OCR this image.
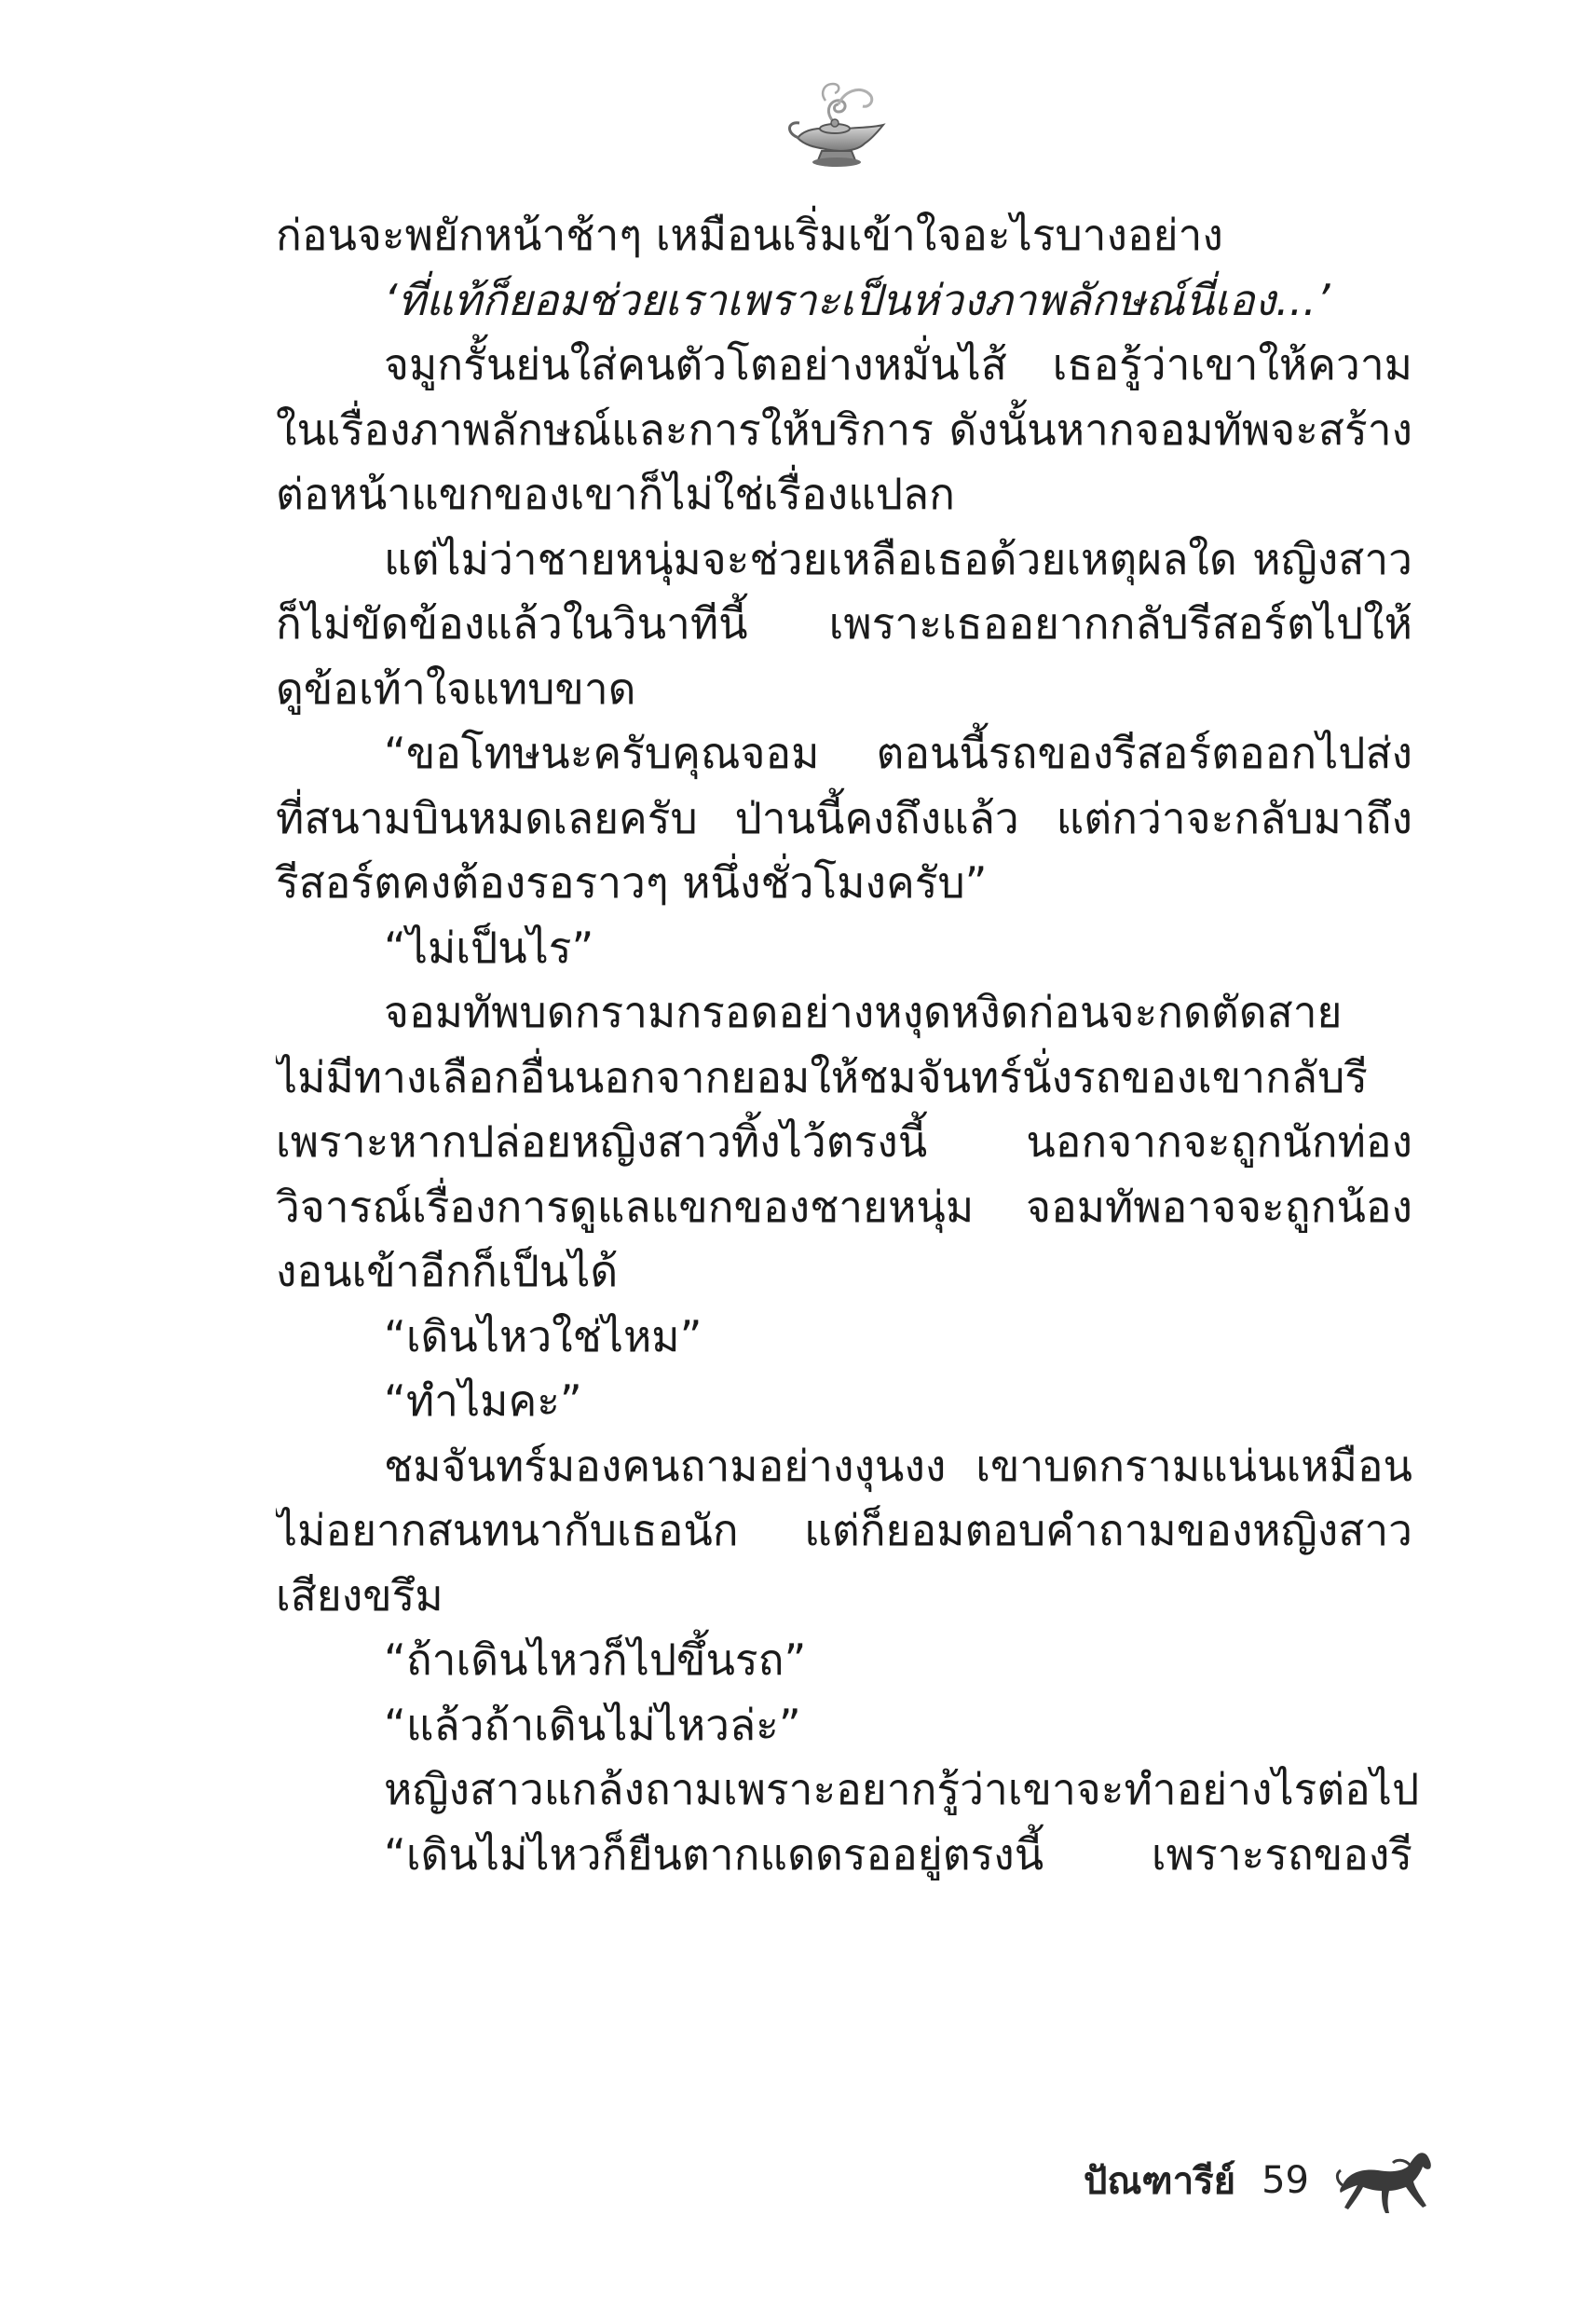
ก่อนจะพยักหน้าช้าๆ เหมือนเริ่มเข้าใจอะไรบางอย่าง
‘ที่แท้ก็ยอมช่วยเราเพราะเป็นห่วงภาพลักษณ์นี่เอง...’
จมูกรั้นย่นใส่คนตัวโตอย่างหมั่นไส้ เธอรู้ว่าเขาให้ความ
ในเรื่องภาพลักษณ์และการให้บริการ ดังนั้นหากจอมทัพจะสร้าง
ต่อหน้าแขกของเขาก็ไม่ใช่เรื่องแปลก
แต่ไม่ว่าชายหนุ่มจะช่วยเหลือเธอด้วยเหตุผลใด หญิงสาว
ก็ไม่ขัดข้องแล้วในวินาทีนี้ เพราะเธออยากกลับรีสอร์ตไปให้
ดูข้อเท้าใจแทบขาด
“ขอโทษนะครับคุณจอม ตอนนี้รถของรีสอร์ตออกไปส่ง
ที่สนามบินหมดเลยครับ ป่านนี้คงถึงแล้ว แต่กว่าจะกลับมาถึง
รีสอร์ตคงต้องรอราวๆ หนึ่งชั่วโมงครับ”
“ไม่เป็นไร”
จอมทัพบดกรามกรอดอย่างหงุดหงิดก่อนจะกดตัดสาย
ไม่มีทางเลือกอื่นนอกจากยอมให้ชมจันทร์นั่งรถของเขากลับรี
เพราะหากปล่อยหญิงสาวทิ้งไว้ตรงนี้ นอกจากจะถูกนักท่อง
วิจารณ์เรื่องการดูแลแขกของชายหนุ่ม จอมทัพอาจจะถูกน้อง
งอนเข้าอีกก็เป็นได้
“เดินไหวใช่ไหม”
“ทำไมคะ”
ชมจันทร์มองคนถามอย่างงุนงง เขาบดกรามแน่นเหมือน
ไม่อยากสนทนากับเธอนัก แต่ก็ยอมตอบคำถามของหญิงสาว
เสียงขรึม
“ถ้าเดินไหวก็ไปขึ้นรถ”
“แล้วถ้าเดินไม่ไหวล่ะ”
หญิงสาวแกล้งถามเพราะอยากรู้ว่าเขาจะทำอย่างไรต่อไป
“เดินไม่ไหวก็ยืนตากแดดรออยู่ตรงนี้ เพราะรถของรี
ปัณฑารีย์ 59
